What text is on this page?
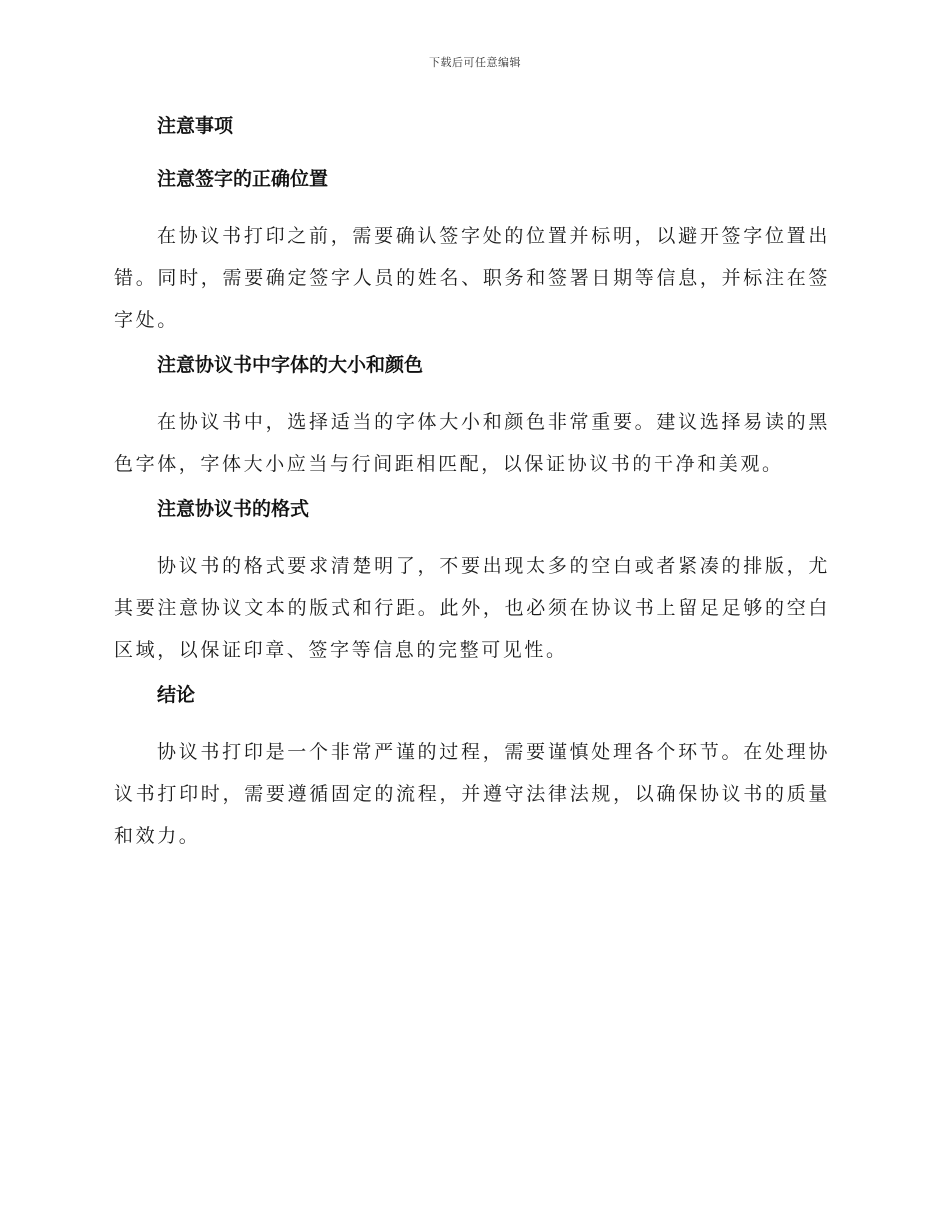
下载后可任意编辑
注意事项
注意签字的正确位置

在协议书打印之前，需要确认签字处的位置并标明，以避开签字位置出错。同时，需要确定签字人员的姓名、职务和签署日期等信息，并标注在签字处。

注意协议书中字体的大小和颜色

在协议书中，选择适当的字体大小和颜色非常重要。建议选择易读的黑色字体，字体大小应当与行间距相匹配，以保证协议书的干净和美观。

注意协议书的格式

协议书的格式要求清楚明了，不要出现太多的空白或者紧凑的排版，尤其要注意协议文本的版式和行距。此外，也必须在协议书上留足足够的空白区域，以保证印章、签字等信息的完整可见性。

结论

协议书打印是一个非常严谨的过程，需要谨慎处理各个环节。在处理协议书打印时，需要遵循固定的流程，并遵守法律法规，以确保协议书的质量和效力。
